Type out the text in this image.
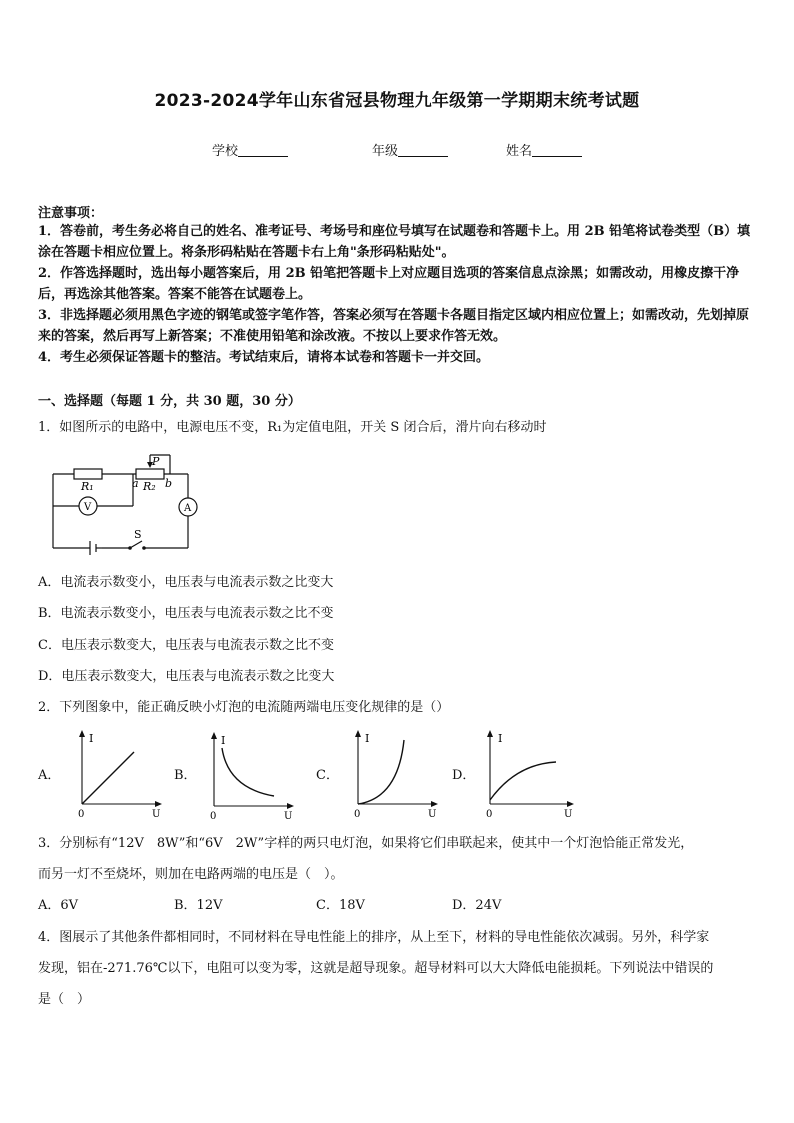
2023-2024学年山东省冠县物理九年级第一学期期末统考试题
学校	年级	姓名
注意事项：
1．答卷前，考生务必将自己的姓名、准考证号、考场号和座位号填写在试题卷和答题卡上。用 2B 铅笔将试卷类型（B）填涂在答题卡相应位置上。将条形码粘贴在答题卡右上角"条形码粘贴处"。
2．作答选择题时，选出每小题答案后，用 2B 铅笔把答题卡上对应题目选项的答案信息点涂黑；如需改动，用橡皮擦干净后，再选涂其他答案。答案不能答在试题卷上。
3．非选择题必须用黑色字迹的钢笔或签字笔作答，答案必须写在答题卡各题目指定区域内相应位置上；如需改动，先划掉原来的答案，然后再写上新答案；不准使用铅笔和涂改液。不按以上要求作答无效。
4．考生必须保证答题卡的整洁。考试结束后，请将本试卷和答题卡一并交回。
一、选择题（每题 1 分，共 30 题，30 分）
1．如图所示的电路中，电源电压不变，R₁为定值电阻，开关 S 闭合后，滑片向右移动时
R₁	R₂
P
a b
V	A
S
A．电流表示数变小，电压表与电流表示数之比变大
B．电流表示数变小，电压表与电流表示数之比不变
C．电压表示数变大，电压表与电流表示数之比不变
D．电压表示数变大，电压表与电流表示数之比变大
2．下列图象中，能正确反映小灯泡的电流随两端电压变化规律的是（）
A．
I
U
0
B．
I
U
0
C．
I
U
0
D．
I
U
0
3．分别标有“12V　8W”和“6V　2W”字样的两只电灯泡，如果将它们串联起来，使其中一个灯泡恰能正常发光，
而另一灯不至烧坏，则加在电路两端的电压是（　）。
A．6V	B．12V	C．18V	D．24V
4．图展示了其他条件都相同时，不同材料在导电性能上的排序，从上至下，材料的导电性能依次减弱。另外，科学家
发现，铝在-271.76℃以下，电阻可以变为零，这就是超导现象。超导材料可以大大降低电能损耗。下列说法中错误的
是（　）
